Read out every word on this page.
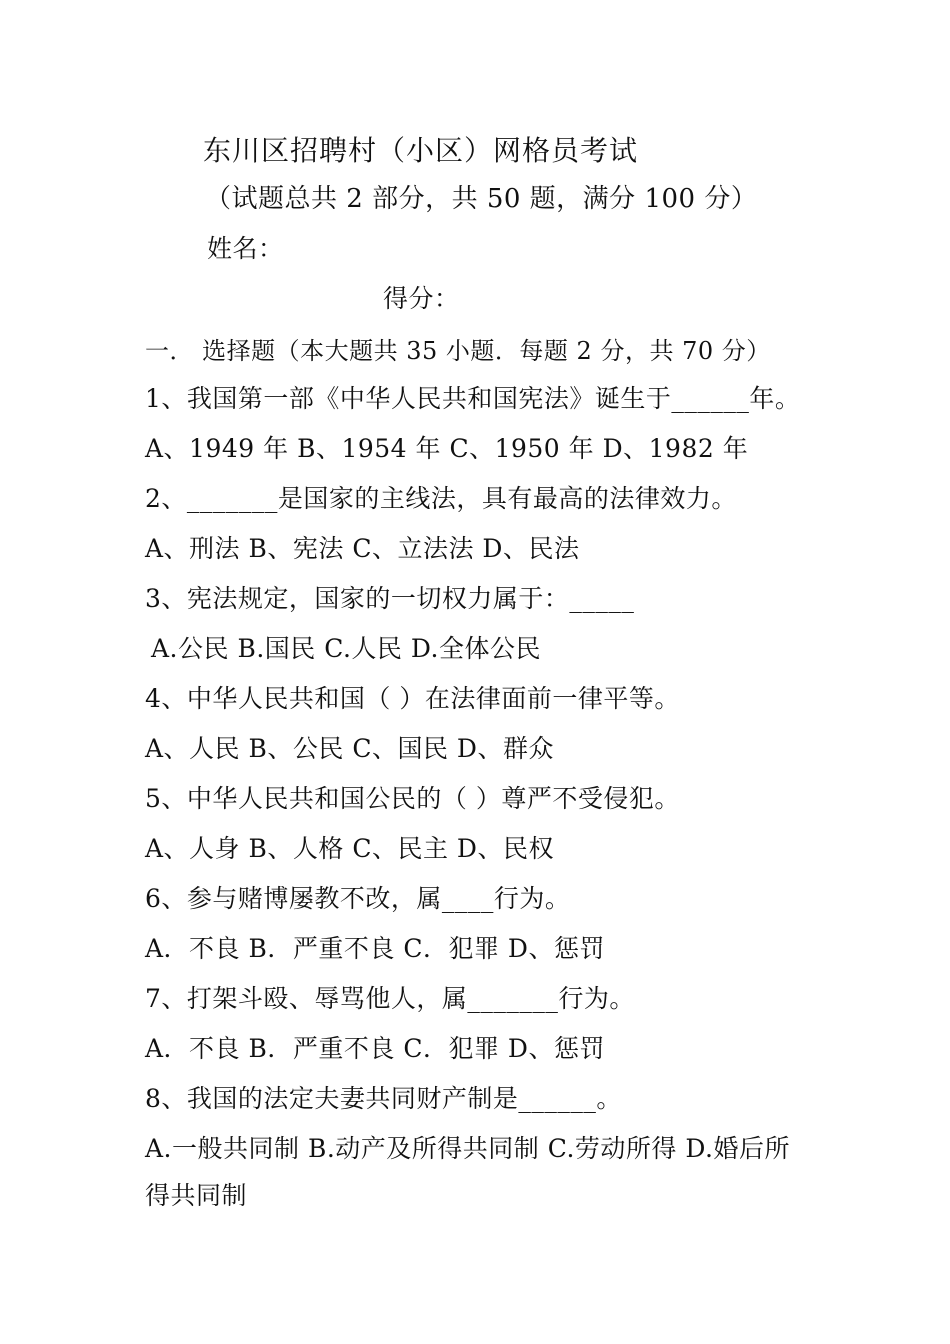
东川区招聘村（小区）网格员考试
（试题总共 2 部分，共 50 题，满分 100 分）
姓名：
得分：
一． 选择题（本大题共 35 小题．每题 2 分，共 70 分）
1、我国第一部《中华人民共和国宪法》诞生于______年。
A、1949 年 B、1954 年 C、1950 年 D、1982 年
2、_______是国家的主线法，具有最高的法律效力。
A、刑法 B、宪法 C、立法法 D、民法
3、宪法规定，国家的一切权力属于：_____
A.公民 B.国民 C.人民 D.全体公民
4、中华人民共和国（ ）在法律面前一律平等。
A、人民 B、公民 C、国民 D、群众
5、中华人民共和国公民的（ ）尊严不受侵犯。
A、人身 B、人格 C、民主 D、民权
6、参与赌博屡教不改，属____行为。
A．不良 B．严重不良 C．犯罪 D、惩罚
7、打架斗殴、辱骂他人，属_______行为。
A．不良 B．严重不良 C．犯罪 D、惩罚
8、我国的法定夫妻共同财产制是______。
A.一般共同制 B.动产及所得共同制 C.劳动所得 D.婚后所
得共同制
